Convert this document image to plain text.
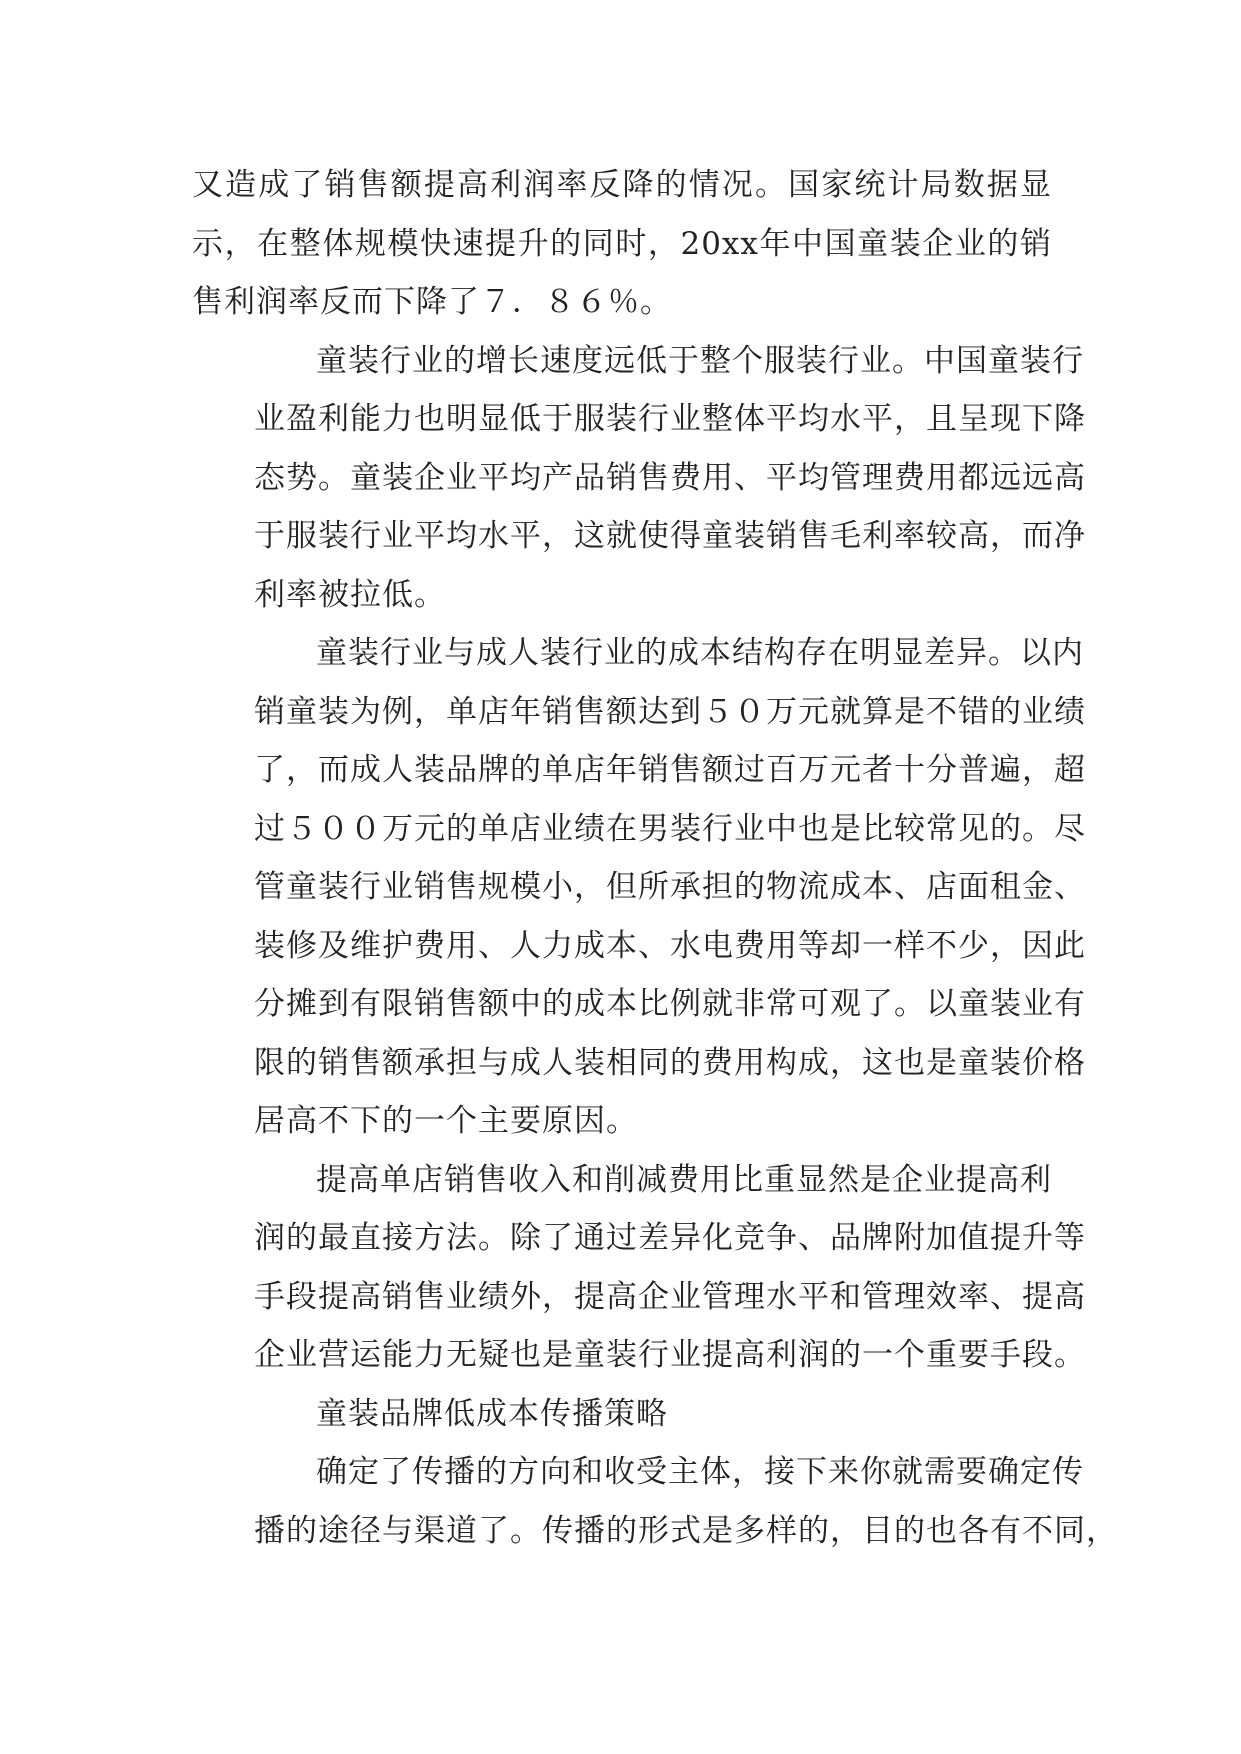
又造成了销售额提高利润率反降的情况。国家统计局数据显
示，在整体规模快速提升的同时，20xx年中国童装企业的销
售利润率反而下降了７．８６％。
童装行业的增长速度远低于整个服装行业。中国童装行
业盈利能力也明显低于服装行业整体平均水平，且呈现下降
态势。童装企业平均产品销售费用、平均管理费用都远远高
于服装行业平均水平，这就使得童装销售毛利率较高，而净
利率被拉低。
童装行业与成人装行业的成本结构存在明显差异。以内
销童装为例，单店年销售额达到５０万元就算是不错的业绩
了，而成人装品牌的单店年销售额过百万元者十分普遍，超
过５００万元的单店业绩在男装行业中也是比较常见的。尽
管童装行业销售规模小，但所承担的物流成本、店面租金、
装修及维护费用、人力成本、水电费用等却一样不少，因此
分摊到有限销售额中的成本比例就非常可观了。以童装业有
限的销售额承担与成人装相同的费用构成，这也是童装价格
居高不下的一个主要原因。
提高单店销售收入和削减费用比重显然是企业提高利
润的最直接方法。除了通过差异化竞争、品牌附加值提升等
手段提高销售业绩外，提高企业管理水平和管理效率、提高
企业营运能力无疑也是童装行业提高利润的一个重要手段。
童装品牌低成本传播策略
确定了传播的方向和收受主体，接下来你就需要确定传
播的途径与渠道了。传播的形式是多样的，目的也各有不同，
